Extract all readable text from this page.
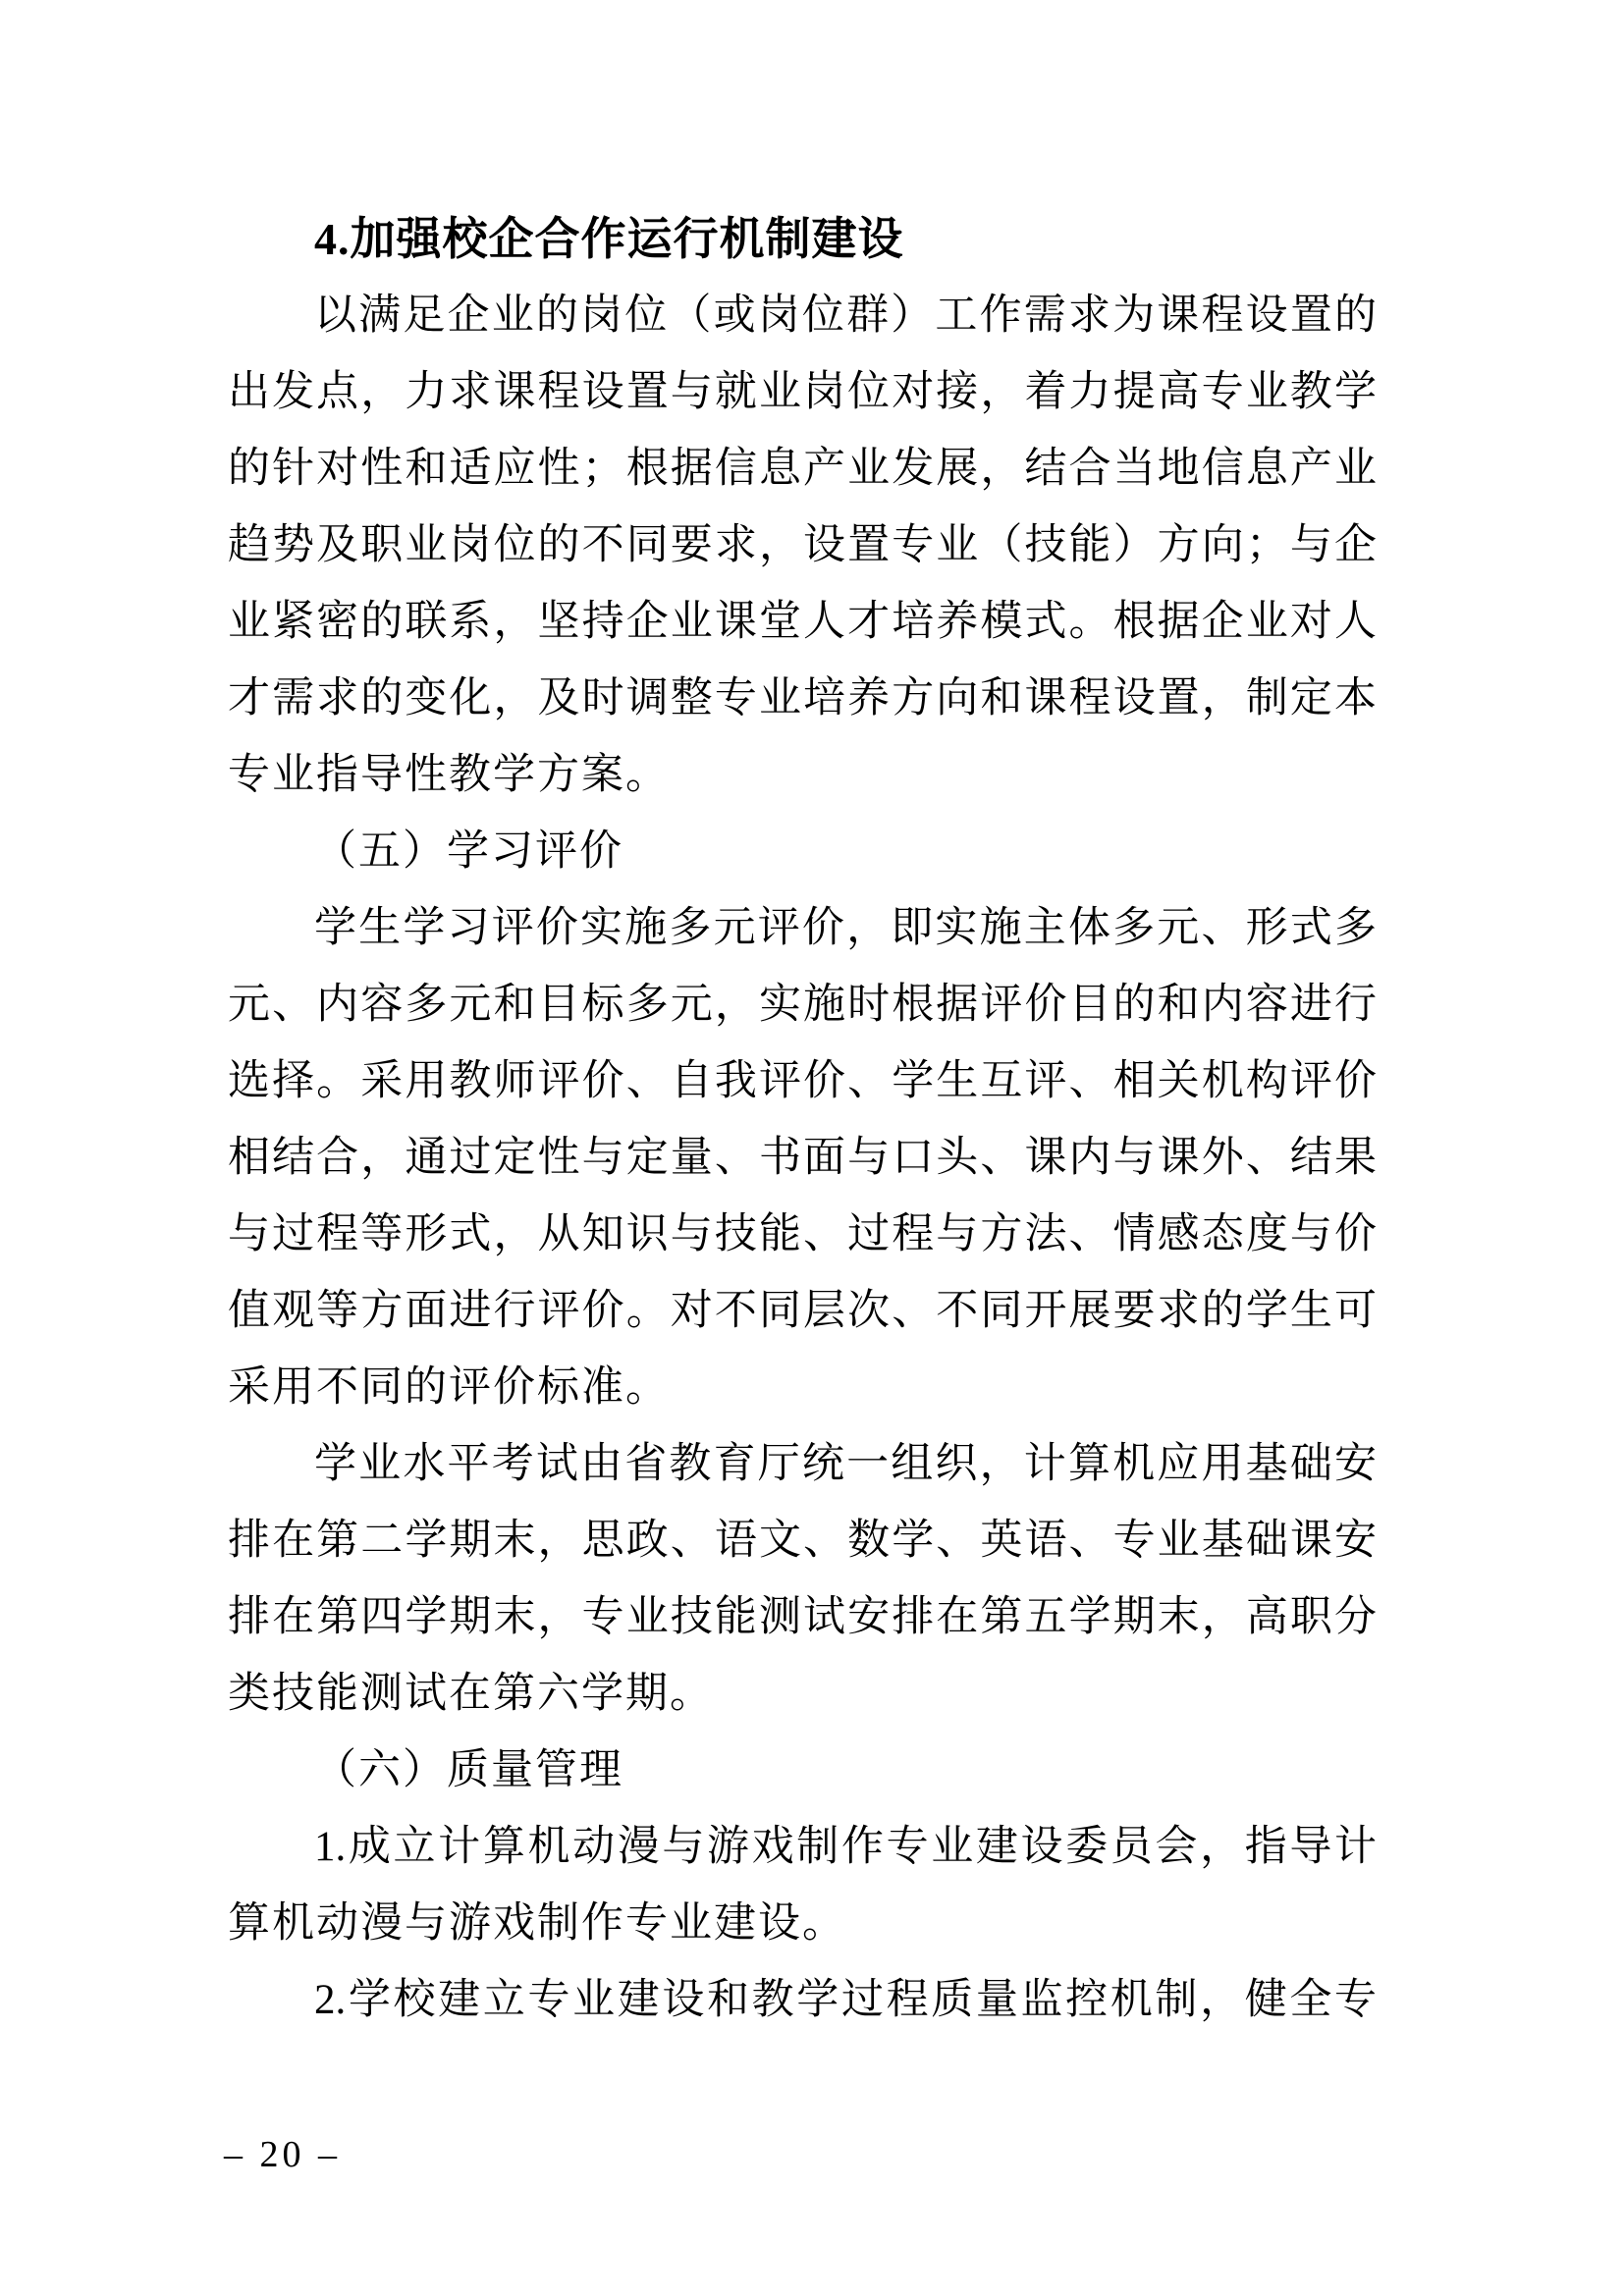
4.加强校企合作运行机制建设
以满足企业的岗位（或岗位群）工作需求为课程设置的
出发点，力求课程设置与就业岗位对接，着力提高专业教学
的针对性和适应性；根据信息产业发展，结合当地信息产业
趋势及职业岗位的不同要求，设置专业（技能）方向；与企
业紧密的联系，坚持企业课堂人才培养模式。根据企业对人
才需求的变化，及时调整专业培养方向和课程设置，制定本
专业指导性教学方案。
（五）学习评价
学生学习评价实施多元评价，即实施主体多元、形式多
元、内容多元和目标多元，实施时根据评价目的和内容进行
选择。采用教师评价、自我评价、学生互评、相关机构评价
相结合，通过定性与定量、书面与口头、课内与课外、结果
与过程等形式，从知识与技能、过程与方法、情感态度与价
值观等方面进行评价。对不同层次、不同开展要求的学生可
采用不同的评价标准。
学业水平考试由省教育厅统一组织，计算机应用基础安
排在第二学期末，思政、语文、数学、英语、专业基础课安
排在第四学期末，专业技能测试安排在第五学期末，高职分
类技能测试在第六学期。
（六）质量管理
1.成立计算机动漫与游戏制作专业建设委员会，指导计
算机动漫与游戏制作专业建设。
2.学校建立专业建设和教学过程质量监控机制，健全专
– 20 –
